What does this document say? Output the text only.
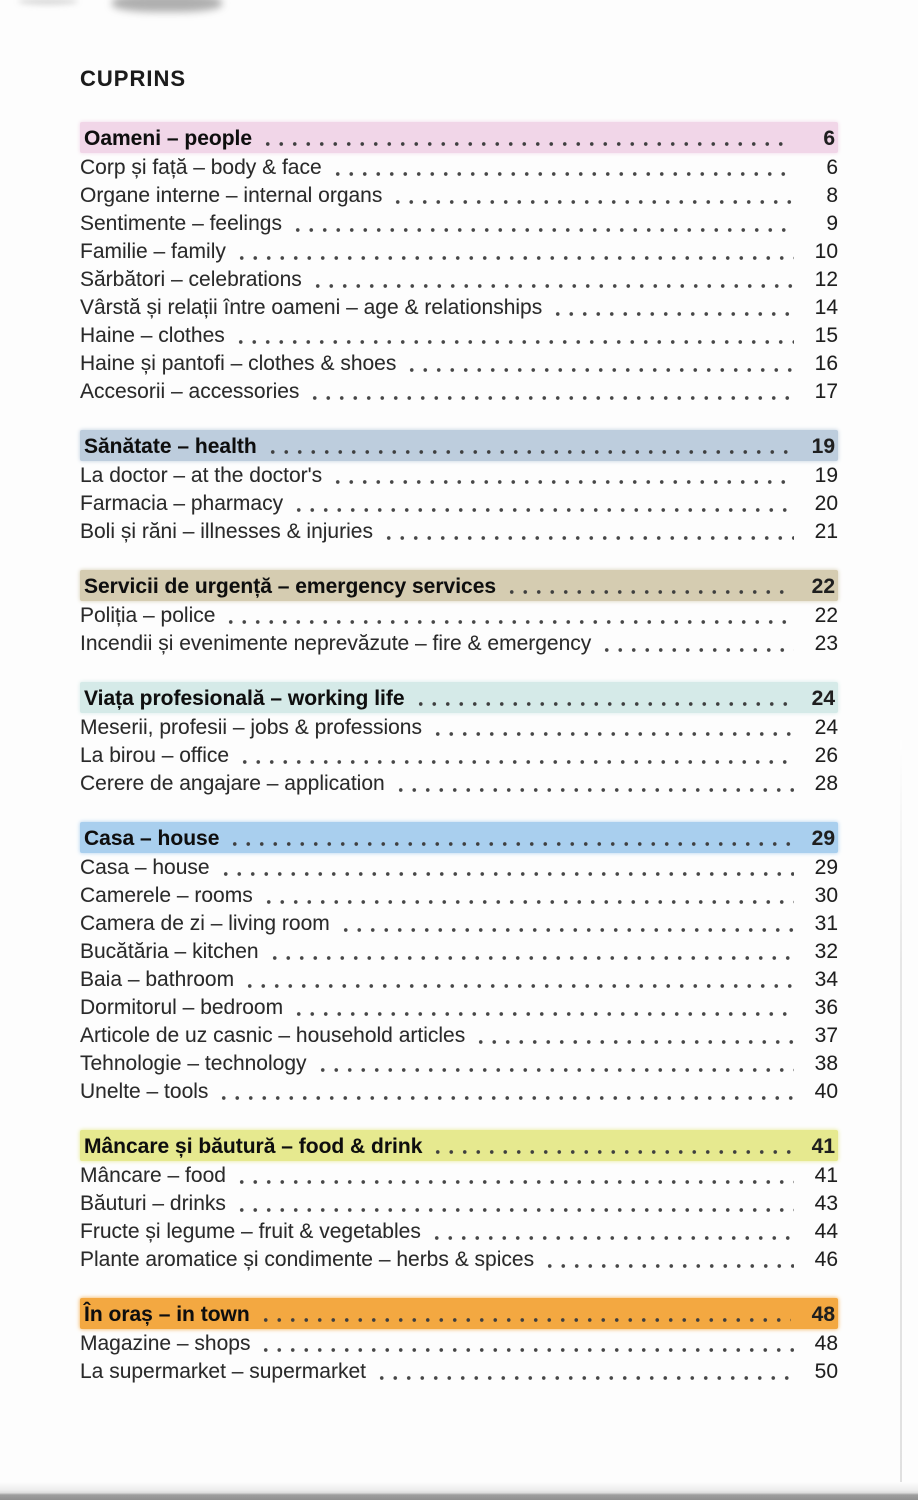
CUPRINS
Oameni – people	6
Corp și față – body & face	6
Organe interne – internal organs	8
Sentimente – feelings	9
Familie – family	10
Sărbători – celebrations	12
Vârstă și relații între oameni – age & relationships	14
Haine – clothes	15
Haine și pantofi – clothes & shoes	16
Accesorii – accessories	17
Sănătate – health	19
La doctor – at the doctor's	19
Farmacia – pharmacy	20
Boli și răni – illnesses & injuries	21
Servicii de urgență – emergency services	22
Poliția – police	22
Incendii și evenimente neprevăzute – fire & emergency	23
Viața profesională – working life	24
Meserii, profesii – jobs & professions	24
La birou – office	26
Cerere de angajare – application	28
Casa – house	29
Casa – house	29
Camerele – rooms	30
Camera de zi – living room	31
Bucătăria – kitchen	32
Baia – bathroom	34
Dormitorul – bedroom	36
Articole de uz casnic – household articles	37
Tehnologie – technology	38
Unelte – tools	40
Mâncare și băutură – food & drink	41
Mâncare – food	41
Băuturi – drinks	43
Fructe și legume – fruit & vegetables	44
Plante aromatice și condimente – herbs & spices	46
În oraș – in town	48
Magazine – shops	48
La supermarket – supermarket	50
